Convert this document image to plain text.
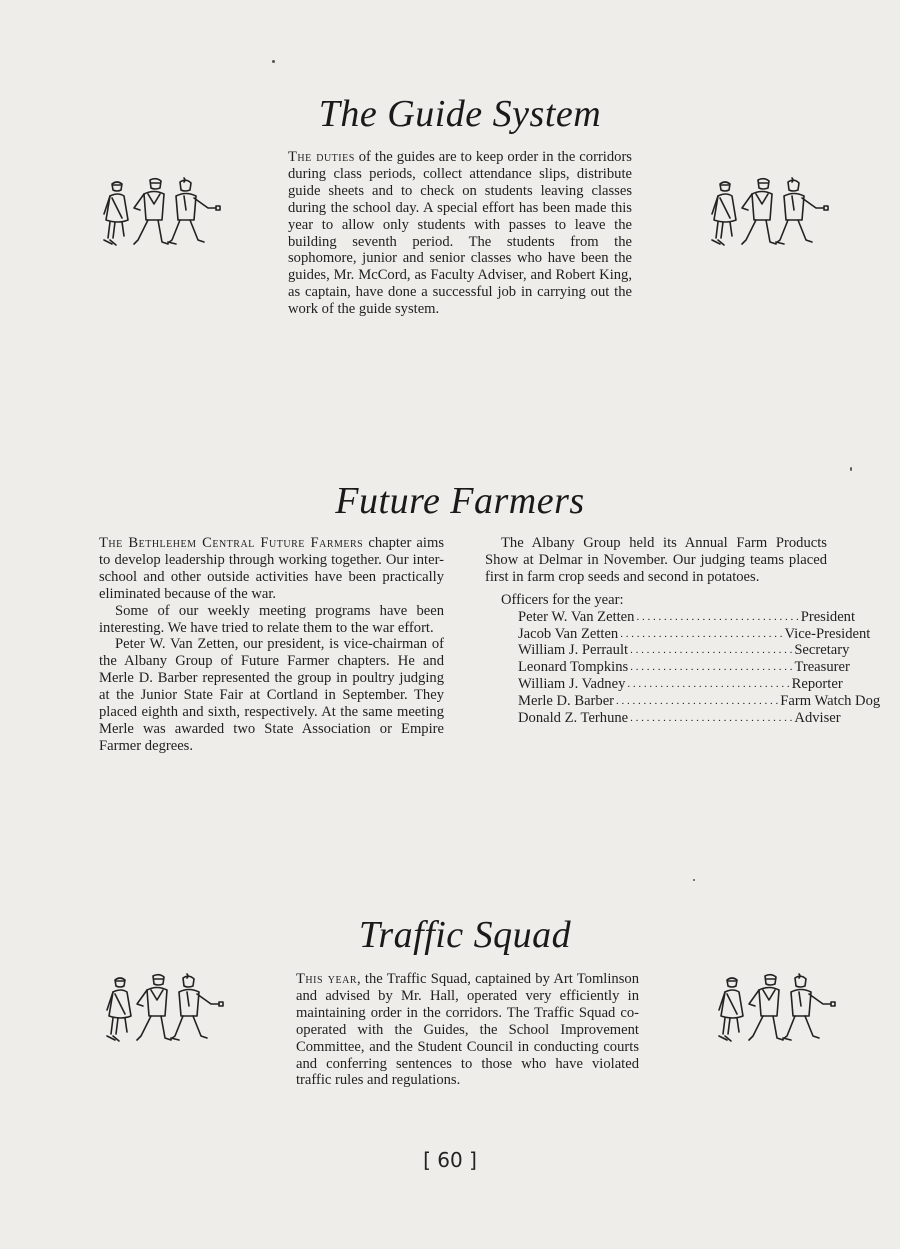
The Guide System

The duties of the guides are to keep order in the corridors during class periods, collect attendance slips, distribute guide sheets and to check on students leaving classes during the school day. A special effort has been made this year to allow only students with passes to leave the building seventh period. The students from the sophomore, junior and senior classes who have been the guides, Mr. McCord, as Faculty Adviser, and Robert King, as captain, have done a successful job in carrying out the work of the guide system.

Future Farmers

The Bethlehem Central Future Farmers chapter aims to develop leadership through working together. Our inter-school and other outside activities have been practically eliminated because of the war.

Some of our weekly meeting programs have been interesting. We have tried to relate them to the war effort.

Peter W. Van Zetten, our president, is vice-chairman of the Albany Group of Future Farmer chapters. He and Merle D. Barber represented the group in poultry judging at the Junior State Fair at Cortland in September. They placed eighth and sixth, respectively. At the same meeting Merle was awarded two State Association or Empire Farmer degrees.

The Albany Group held its Annual Farm Products Show at Delmar in November. Our judging teams placed first in farm crop seeds and second in potatoes.

Officers for the year:
Peter W. Van Zetten . . .	President
Jacob Van Zetten . . .	Vice-President
William J. Perrault . . .	Secretary
Leonard Tompkins . . .	Treasurer
William J. Vadney . . .	Reporter
Merle D. Barber . . .	Farm Watch Dog
Donald Z. Terhune . . .	Adviser
Traffic Squad

This year, the Traffic Squad, captained by Art Tomlinson and advised by Mr. Hall, operated very efficiently in maintaining order in the corridors. The Traffic Squad co-operated with the Guides, the School Improvement Committee, and the Student Council in conducting courts and conferring sentences to those who have violated traffic rules and regulations.

[ 60 ]
